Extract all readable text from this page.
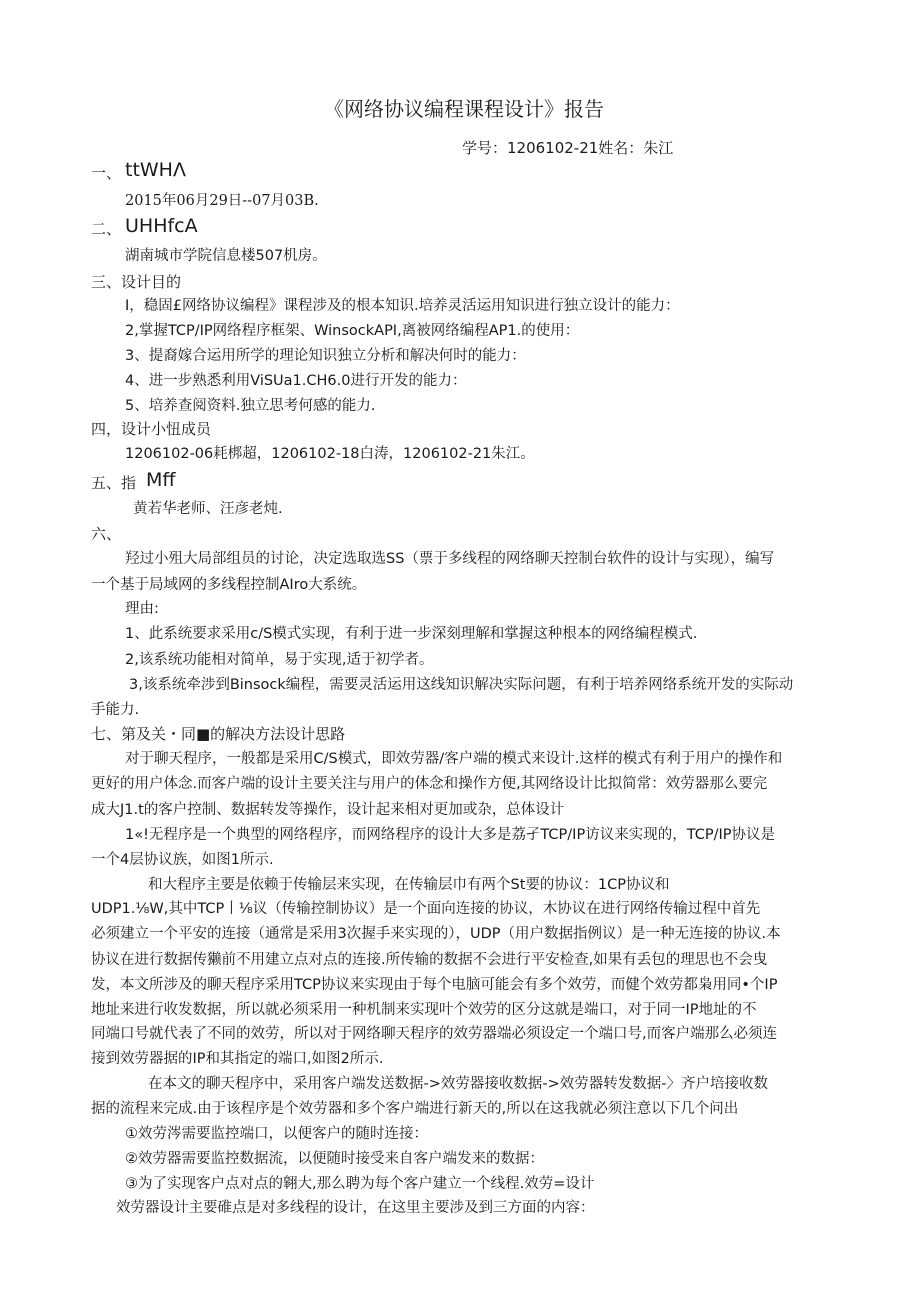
《网络协议编程课程设计》报告
学号：1206102-21姓名：朱江
一、 ttWHΛ
2015年06月29日--07月03B.
二、 UHHfcA
湖南城市学院信息楼507机房。
三、设计目的
I，稳固£网络协议编程》课程涉及的根本知识.培养灵活运用知识进行独立设计的能力：
2,掌握TCP/IP网络程序框架、WinsockAPI,离被网络编程AP1.的使用：
3、提裔嫁合运用所学的理论知识独立分析和解决何时的能力：
4、进一步熟悉利用ViSUa1.CH6.0进行开发的能力：
5、培养查阅资料.独立思考何感的能力.
四，设计小忸成员
1206102-06耗梆超，1206102-18白涛，1206102-21朱江。
五、指 Mff
黄若华老师、汪彦老炖.
六、
羟过小殂大局部组员的讨论，决定选取选SS（票于多线程的网络聊天控制台软件的设计与实现），编写
一个基于局域网的多线程控制AIro大系统。
理由:
1、此系统要求采用c/S模式实现，有利于进一步深刻理解和掌握这种根本的网络编程模式.
2,该系统功能相对简单，易于实现,适于初学者。
3,该系统牵涉到Binsock编程，需要灵活运用这线知识解决实际问题，有利于培养网络系统开发的实际动
手能力.
七、第及关・同■的解决方法设计思路
对于聊天程序，一般都是采用C/S模式，即效劳器/客户端的模式来设计.这样的模式有利于用户的操作和
更好的用户体念.而客户端的设计主要关注与用户的体念和操作方便,其网络设计比拟简常：效劳器那么要完
成大J1.t的客户控制、数据转发等操作，设计起来相对更加或杂，总体设计
1«!无程序是一个典型的网络程序，而网络程序的设计大多是荔孑TCP/IP访议来实现的，TCP/IP协议是
一个4层协议族，如图1所示.
和大程序主要是依赖于传输层来实现，在传输层巾有两个St要的协议：1CP协议和
UDP1.⅛W,其中TCP丨⅛议（传输控制协议）是一个面向连接的协议，木协议在进行网络传输过程中首先
必须建立一个平安的连接（通常是采用3次握手来实现的），UDP（用户数据指例议）是一种无连接的协议.本
协议在进行数据传獭前不用建立点对点的连接.所传输的数据不会进行平安检查,如果有丢包的理思也不会曳
发，本文所涉及的聊天程序采用TCP协议来实现由于每个电脑可能会有多个效劳，而健个效劳都枭用同•个IP
地址来进行收发数据，所以就必须采用一种机制来实现叶个效劳的区分这就是端口，对于同一IP地址的不
同端口号就代表了不同的效劳，所以对于网络聊天程序的效劳器端必须设定一个端口号,而客户端那么必须连
接到效劳器据的IP和其指定的端口,如图2所示.
在本文的聊天程序中，采用客户端发送数据->效劳器接收数据->效劳器转发数据-〉齐户培接收数
据的流程来完成.由于该程序是个效劳器和多个客户端进行新天的,所以在这我就必须注意以下几个问出
①效劳涔需要监控端口，以便客户的随时连接：
②效劳器需要监控数据流，以便随时接受来自客户端发来的数据：
③为了实现客户点对点的翱大,那么聘为每个客户建立一个线程.效劳=设计
效劳器设计主要碓点是对多线程的设计，在这里主要涉及到三方面的内容：
